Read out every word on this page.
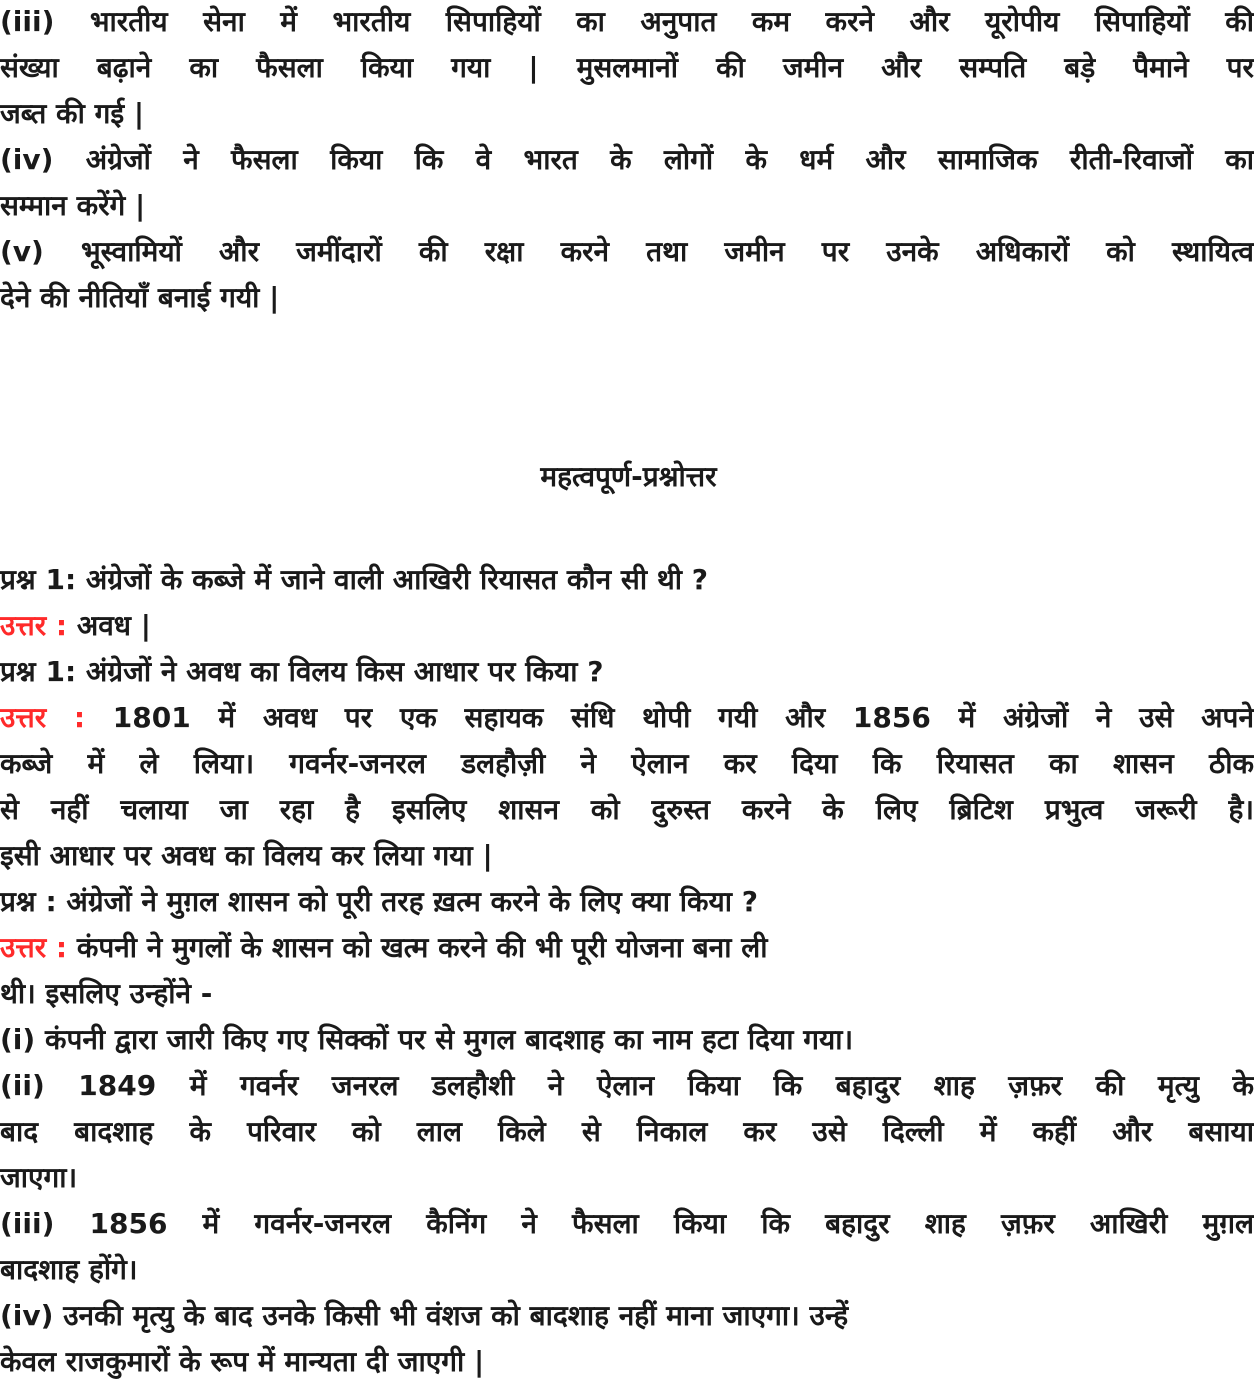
(iii) भारतीय सेना में भारतीय सिपाहियों का अनुपात कम करने और यूरोपीय सिपाहियों की
संख्या बढ़ाने का फैसला किया गया | मुसलमानों की जमीन और सम्पति बड़े पैमाने पर
जब्त की गई |
(iv) अंग्रेजों ने फैसला किया कि वे भारत के लोगों के धर्म और सामाजिक रीती-रिवाजों का
सम्मान करेंगे |
(v) भूस्वामियों और जमींदारों की रक्षा करने तथा जमीन पर उनके अधिकारों को स्थायित्व
देने की नीतियाँ बनाई गयी |
महत्वपूर्ण-प्रश्नोत्तर
प्रश्न 1: अंग्रेजों के कब्जे में जाने वाली आखिरी रियासत कौन सी थी ?
उत्तर : अवध |
प्रश्न 1: अंग्रेजों ने अवध का विलय किस आधार पर किया ?
उत्तर : 1801 में अवध पर एक सहायक संधि थोपी गयी और 1856 में अंग्रेजों ने उसे अपने
कब्जे में ले लिया। गवर्नर-जनरल डलहौज़ी ने ऐलान कर दिया कि रियासत का शासन ठीक
से नहीं चलाया जा रहा है इसलिए शासन को दुरुस्त करने के लिए ब्रिटिश प्रभुत्व जरूरी है।
इसी आधार पर अवध का विलय कर लिया गया |
प्रश्न : अंग्रेजों ने मुग़ल शासन को पूरी तरह ख़त्म करने के लिए क्या किया ?
उत्तर : कंपनी ने मुगलों के शासन को खत्म करने की भी पूरी योजना बना ली
थी। इसलिए उन्होंने -
(i) कंपनी द्वारा जारी किए गए सिक्कों पर से मुगल बादशाह का नाम हटा दिया गया।
(ii) 1849 में गवर्नर जनरल डलहौशी ने ऐलान किया कि बहादुर शाह ज़फ़र की मृत्यु के
बाद बादशाह के परिवार को लाल किले से निकाल कर उसे दिल्ली में कहीं और बसाया
जाएगा।
(iii) 1856 में गवर्नर-जनरल कैनिंग ने फैसला किया कि बहादुर शाह ज़फ़र आखिरी मुग़ल
बादशाह होंगे।
(iv) उनकी मृत्यु के बाद उनके किसी भी वंशज को बादशाह नहीं माना जाएगा। उन्हें
केवल राजकुमारों के रूप में मान्यता दी जाएगी |
